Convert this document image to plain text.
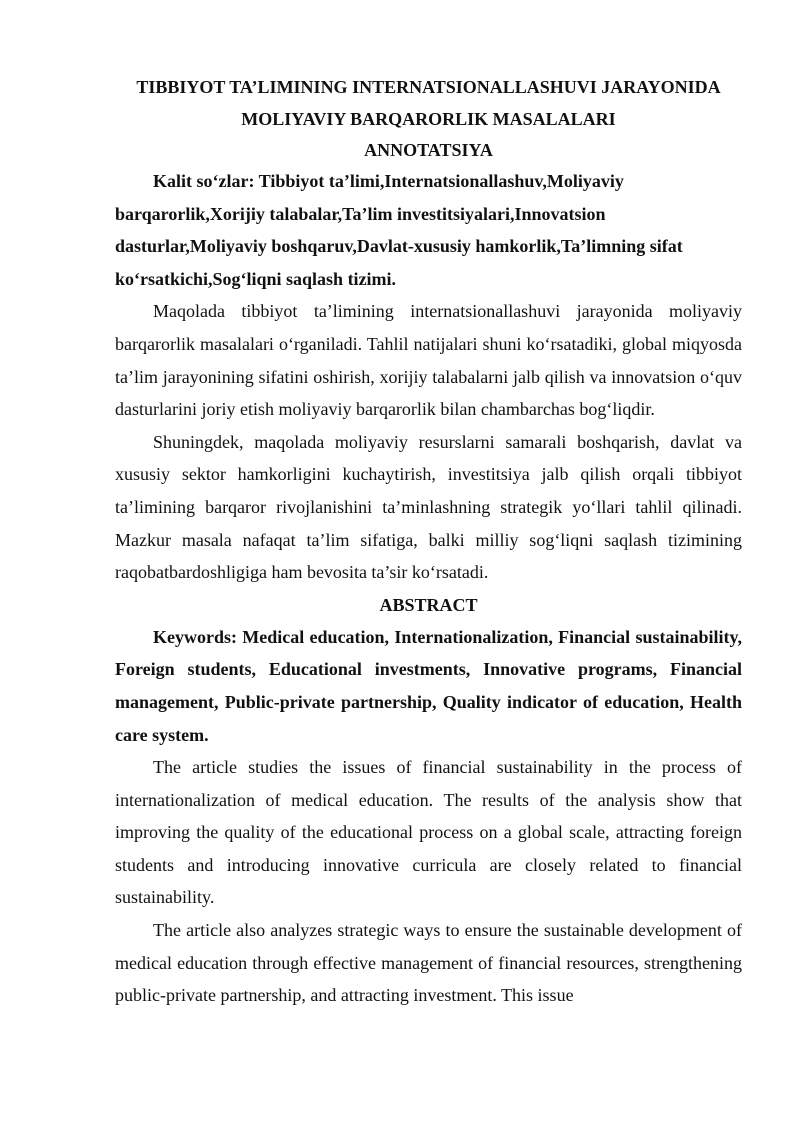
TIBBIYOT TA’LIMINING INTERNATSIONALLASHUVI JARAYONIDA

MOLIYAVIY BARQARORLIK MASALALARI

ANNOTATSIYA

Kalit so‘zlar: Tibbiyot ta’limi,Internatsionallashuv,Moliyaviy barqarorlik,Xorijiy talabalar,Ta’lim investitsiyalari,Innovatsion dasturlar,Moliyaviy boshqaruv,Davlat-xususiy hamkorlik,Ta’limning sifat ko‘rsatkichi,Sog‘liqni saqlash tizimi.

Maqolada tibbiyot ta’limining internatsionallashuvi jarayonida moliyaviy barqarorlik masalalari o‘rganiladi. Tahlil natijalari shuni ko‘rsatadiki, global miqyosda ta’lim jarayonining sifatini oshirish, xorijiy talabalarni jalb qilish va innovatsion o‘quv dasturlarini joriy etish moliyaviy barqarorlik bilan chambarchas bog‘liqdir.

Shuningdek, maqolada moliyaviy resurslarni samarali boshqarish, davlat va xususiy sektor hamkorligini kuchaytirish, investitsiya jalb qilish orqali tibbiyot ta’limining barqaror rivojlanishini ta’minlashning strategik yo‘llari tahlil qilinadi. Mazkur masala nafaqat ta’lim sifatiga, balki milliy sog‘liqni saqlash tizimining raqobatbardoshligiga ham bevosita ta’sir ko‘rsatadi.

ABSTRACT

Keywords: Medical education, Internationalization, Financial sustainability, Foreign students, Educational investments, Innovative programs, Financial management, Public-private partnership, Quality indicator of education, Health care system.

The article studies the issues of financial sustainability in the process of internationalization of medical education. The results of the analysis show that improving the quality of the educational process on a global scale, attracting foreign students and introducing innovative curricula are closely related to financial sustainability.

The article also analyzes strategic ways to ensure the sustainable development of medical education through effective management of financial resources, strengthening public-private partnership, and attracting investment. This issue
